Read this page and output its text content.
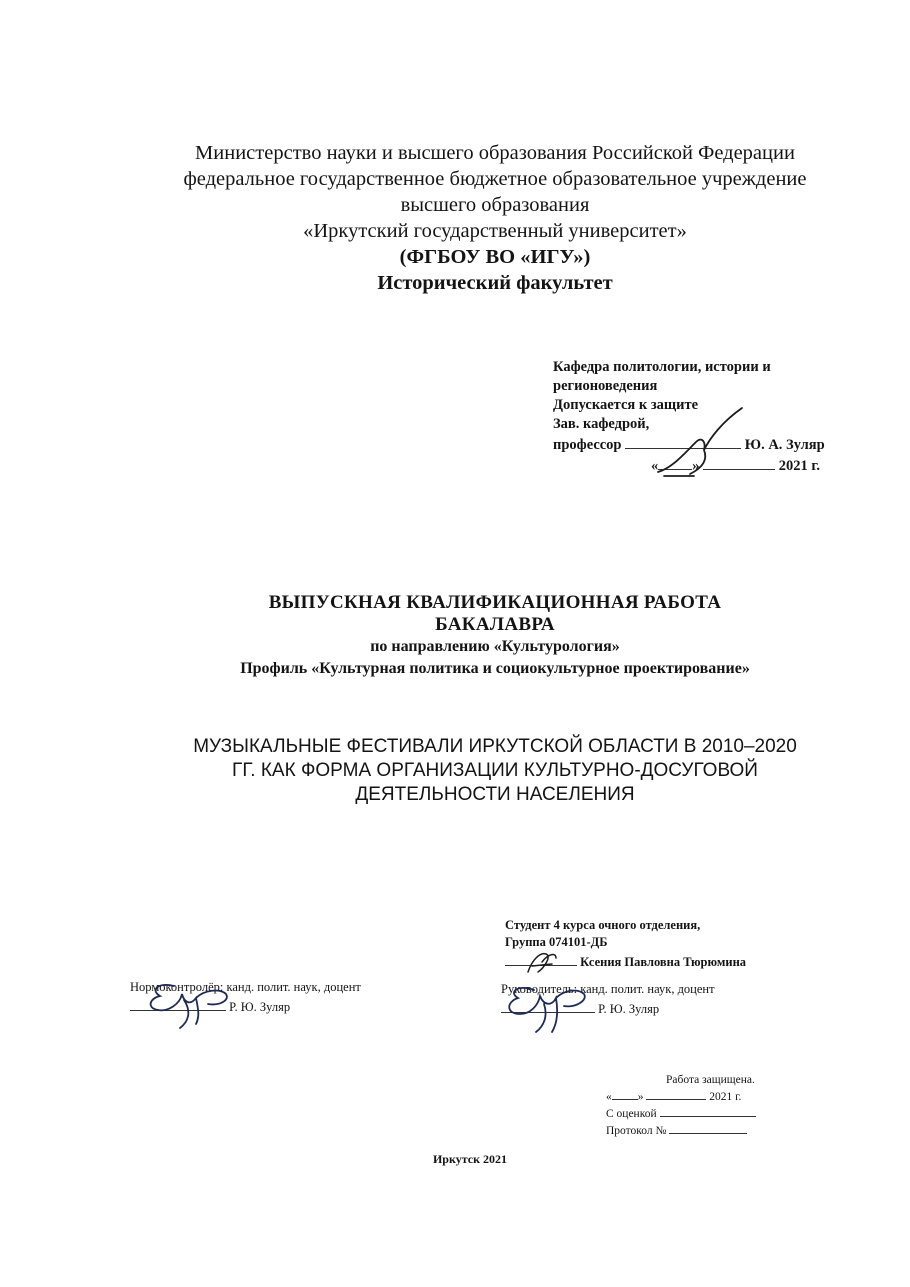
Министерство науки и высшего образования Российской Федерации
федеральное государственное бюджетное образовательное учреждение
высшего образования
«Иркутский государственный университет»
(ФГБОУ ВО «ИГУ»)
Исторический факультет
Кафедра политологии, истории и
регионоведения
Допускается к защите
Зав. кафедрой,
профессор	Ю. А. Зуляр
« »	2021 г.
ВЫПУСКНАЯ КВАЛИФИКАЦИОННАЯ РАБОТА
БАКАЛАВРА
по направлению «Культурология»
Профиль «Культурная политика и социокультурное проектирование»
МУЗЫКАЛЬНЫЕ ФЕСТИВАЛИ ИРКУТСКОЙ ОБЛАСТИ В 2010–2020
ГГ. КАК ФОРМА ОРГАНИЗАЦИИ КУЛЬТУРНО-ДОСУГОВОЙ
ДЕЯТЕЛЬНОСТИ НАСЕЛЕНИЯ
Студент 4 курса очного отделения,
Группа 074101-ДБ
Ксения Павловна Тюрюмина
Нормоконтролёр: канд. полит. наук, доцент
Р. Ю. Зуляр
Руководитель: канд. полит. наук, доцент
Р. Ю. Зуляр
Работа защищена.
« »	2021 г.
С оценкой
Протокол №
Иркутск 2021
